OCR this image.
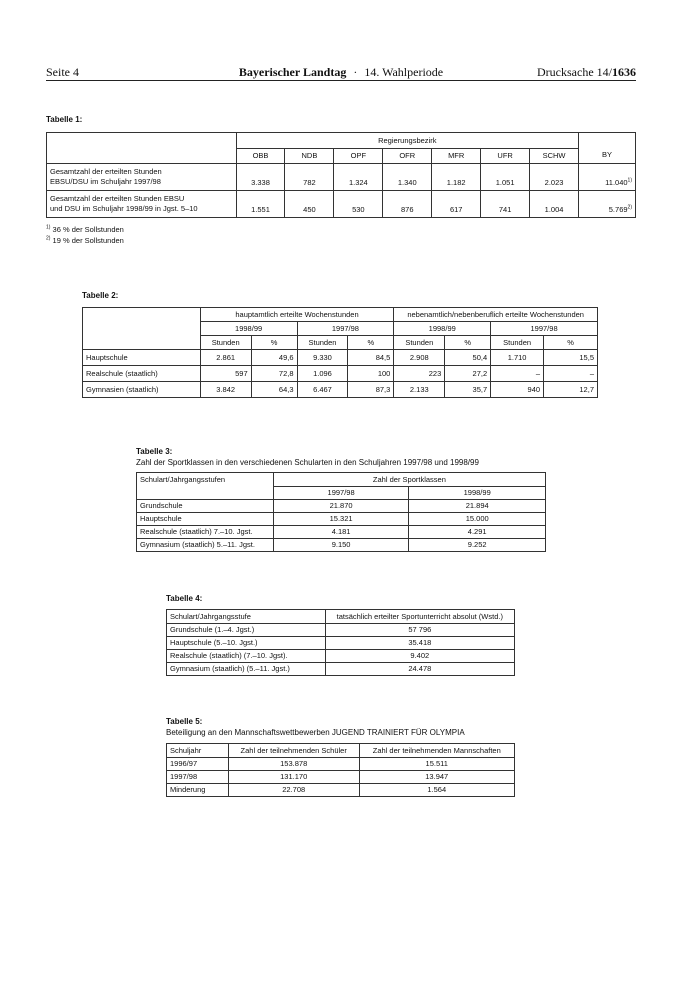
Seite 4	Bayerischer Landtag · 14. Wahlperiode	Drucksache 14/1636
Tabelle 1:
	Regierungsbezirk							BY
	OBB	NDB	OPF	OFR	MFR	UFR	SCHW	

Gesamtzahl der erteilten Stunden
EBSU/DSU im Schuljahr 1997/98	3.338	782	1.324	1.340	1.182	1.051	2.023	11.040$^{1)}$

Gesamtzahl der erteilten Stunden EBSU
und DSU im Schuljahr 1998/99 in Jgst. 5–10	1.551	450	530	876	617	741	1.004	5.769$^{2)}$
$^{1)}$ 36 % der Sollstunden
$^{2)}$ 19 % der Sollstunden
Tabelle 2:
	hauptamtlich erteilte Wochenstunden				nebenamtlich/nebenberuflich erteilte Wochenstunden			
	1998/99		1997/98		1998/99		1997/98	
	Stunden	%	Stunden	%	Stunden	%	Stunden	%
Hauptschule	2.861	49,6	9.330	84,5	2.908	50,4	1.710	15,5
Realschule (staatlich)	597	72,8	1.096	100	223	27,2	–	–
Gymnasien (staatlich)	3.842	64,3	6.467	87,3	2.133	35,7	940	12,7
Tabelle 3:
Zahl der Sportklassen in den verschiedenen Schularten in den Schuljahren 1997/98 und 1998/99
Schulart/Jahrgangsstufen	Zahl der Sportklassen	
	1997/98	1998/99
Grundschule	21.870	21.894
Hauptschule	15.321	15.000
Realschule (staatlich) 7.–10. Jgst.	4.181	4.291
Gymnasium (staatlich) 5.–11. Jgst.	9.150	9.252
Tabelle 4:
Schulart/Jahrgangsstufe	tatsächlich erteilter Sportunterricht absolut (Wstd.)
Grundschule (1.–4. Jgst.)	57 796
Hauptschule (5.–10. Jgst.)	35.418
Realschule (staatlich) (7.–10. Jgst).	9.402
Gymnasium (staatlich) (5.–11. Jgst.)	24.478
Tabelle 5:
Beteiligung an den Mannschaftswettbewerben JUGEND TRAINIERT FÜR OLYMPIA
Schuljahr	Zahl der teilnehmenden Schüler	Zahl der teilnehmenden Mannschaften
1996/97	153.878	15.511
1997/98	131.170	13.947
Minderung	22.708	1.564
